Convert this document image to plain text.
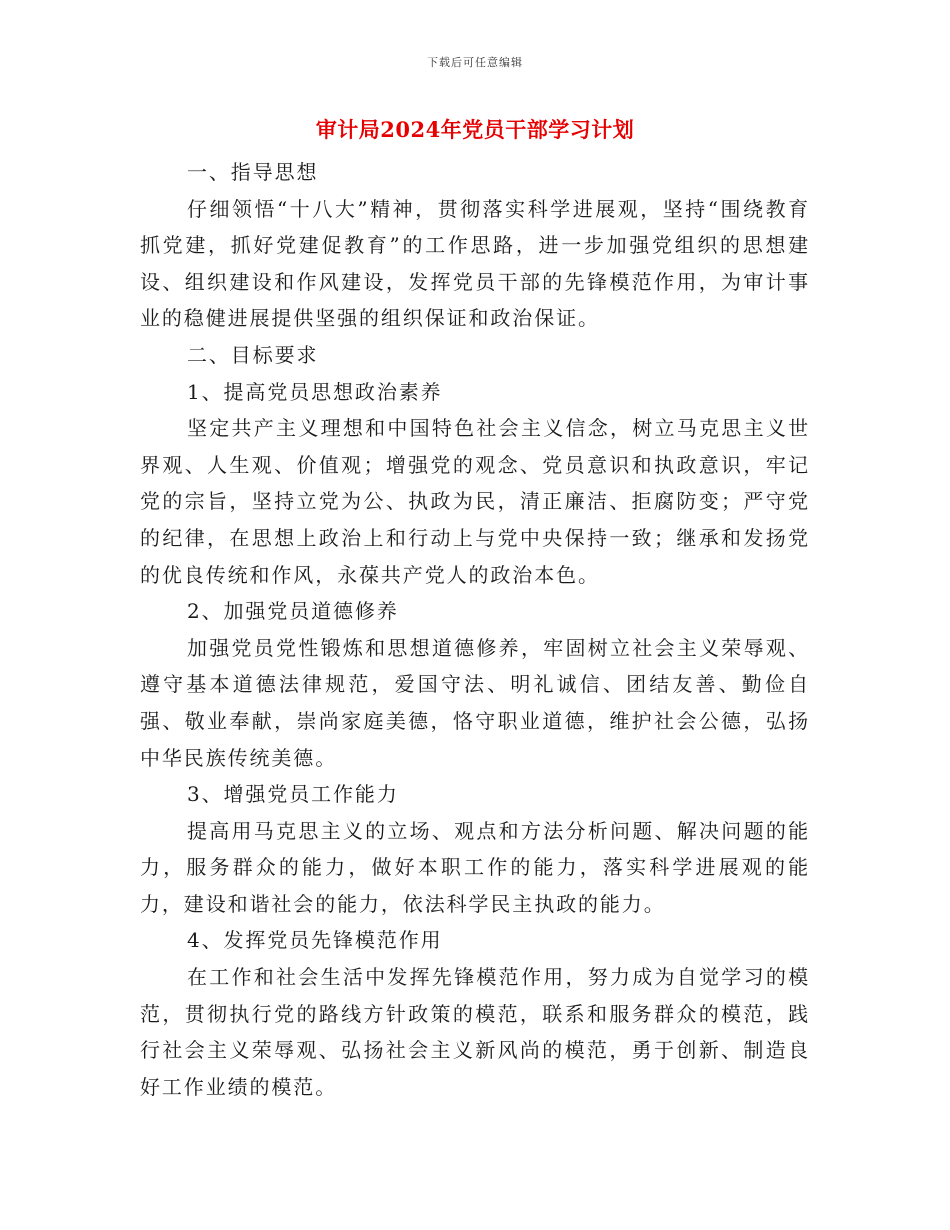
下载后可任意编辑
审计局2024年党员干部学习计划

一、指导思想

仔细领悟“十八大”精神，贯彻落实科学进展观，坚持“围绕教育抓党建，抓好党建促教育”的工作思路，进一步加强党组织的思想建设、组织建设和作风建设，发挥党员干部的先锋模范作用，为审计事业的稳健进展提供坚强的组织保证和政治保证。

二、目标要求

1、提高党员思想政治素养

坚定共产主义理想和中国特色社会主义信念，树立马克思主义世界观、人生观、价值观；增强党的观念、党员意识和执政意识，牢记党的宗旨，坚持立党为公、执政为民，清正廉洁、拒腐防变；严守党的纪律，在思想上政治上和行动上与党中央保持一致；继承和发扬党的优良传统和作风，永葆共产党人的政治本色。

2、加强党员道德修养

加强党员党性锻炼和思想道德修养，牢固树立社会主义荣辱观、遵守基本道德法律规范，爱国守法、明礼诚信、团结友善、勤俭自强、敬业奉献，崇尚家庭美德，恪守职业道德，维护社会公德，弘扬中华民族传统美德。

3、增强党员工作能力

提高用马克思主义的立场、观点和方法分析问题、解决问题的能力，服务群众的能力，做好本职工作的能力，落实科学进展观的能力，建设和谐社会的能力，依法科学民主执政的能力。

4、发挥党员先锋模范作用

在工作和社会生活中发挥先锋模范作用，努力成为自觉学习的模范，贯彻执行党的路线方针政策的模范，联系和服务群众的模范，践行社会主义荣辱观、弘扬社会主义新风尚的模范，勇于创新、制造良好工作业绩的模范。
